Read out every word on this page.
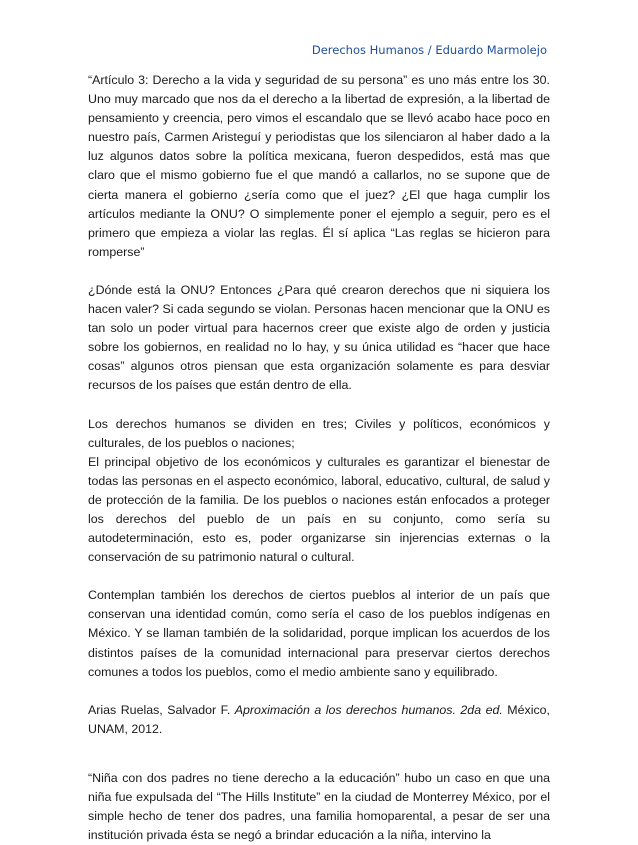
Derechos Humanos / Eduardo Marmolejo

“Artículo 3: Derecho a la vida y seguridad de su persona” es uno más entre los 30. Uno muy marcado que nos da el derecho a la libertad de expresión, a la libertad de pensamiento y creencia, pero vimos el escandalo que se llevó acabo hace poco en nuestro país, Carmen Aristeguí y periodistas que los silenciaron al haber dado a la luz algunos datos sobre la política mexicana, fueron despedidos, está mas que claro que el mismo gobierno fue el que mandó a callarlos, no se supone que de cierta manera el gobierno ¿sería como que el juez? ¿El que haga cumplir los artículos mediante la ONU? O simplemente poner el ejemplo a seguir, pero es el primero que empieza a violar las reglas. Él sí aplica “Las reglas se hicieron para romperse”

¿Dónde está la ONU? Entonces ¿Para qué crearon derechos que ni siquiera los hacen valer? Si cada segundo se violan. Personas hacen mencionar que la ONU es tan solo un poder virtual para hacernos creer que existe algo de orden y justicia sobre los gobiernos, en realidad no lo hay, y su única utilidad es “hacer que hace cosas” algunos otros piensan que esta organización solamente es para desviar recursos de los países que están dentro de ella.

Los derechos humanos se dividen en tres; Civiles y políticos, económicos y culturales, de los pueblos o naciones;

El principal objetivo de los económicos y culturales es garantizar el bienestar de todas las personas en el aspecto económico, laboral, educativo, cultural, de salud y de protección de la familia. De los pueblos o naciones están enfocados a proteger los derechos del pueblo de un país en su conjunto, como sería su autodeterminación, esto es, poder organizarse sin injerencias externas o la conservación de su patrimonio natural o cultural.

Contemplan también los derechos de ciertos pueblos al interior de un país que conservan una identidad común, como sería el caso de los pueblos indígenas en México. Y se llaman también de la solidaridad, porque implican los acuerdos de los distintos países de la comunidad internacional para preservar ciertos derechos comunes a todos los pueblos, como el medio ambiente sano y equilibrado.

Arias Ruelas, Salvador F. Aproximación a los derechos humanos. 2da ed. México, UNAM, 2012.

“Niña con dos padres no tiene derecho a la educación” hubo un caso en que una niña fue expulsada del “The Hills Institute” en la ciudad de Monterrey México, por el simple hecho de tener dos padres, una familia homoparental, a pesar de ser una institución privada ésta se negó a brindar educación a la niña, intervino la
